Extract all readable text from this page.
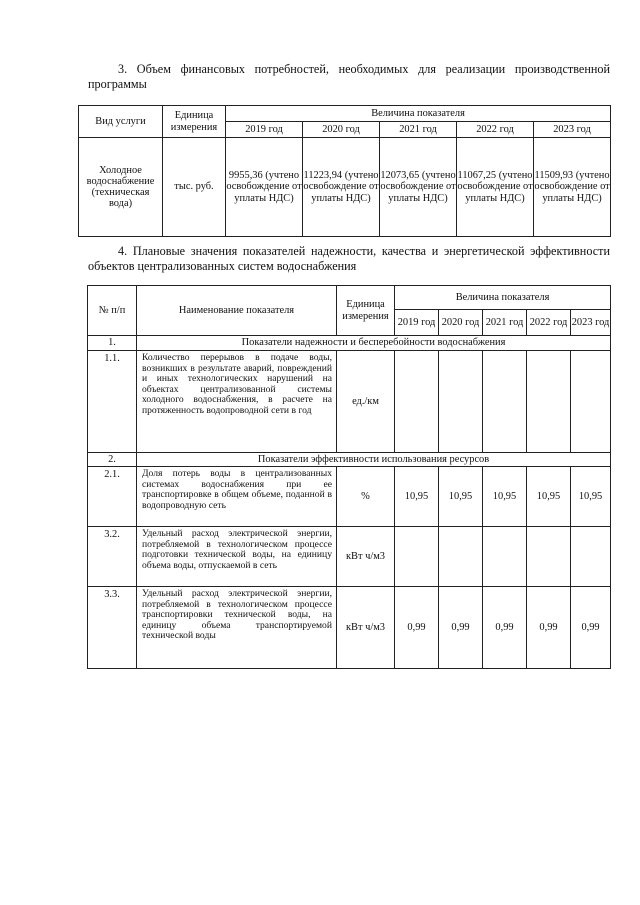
3. Объем финансовых потребностей, необходимых для реализации производственной программы
Вид услуги	Единица измерения	Величина показателя				
		2019 год	2020 год	2021 год	2022 год	2023 год
Холодное водоснабжение (техническая вода)	тыс. руб.	9955,36 (учтено освобождение от уплаты НДС)	11223,94 (учтено освобождение от уплаты НДС)	12073,65 (учтено освобождение от уплаты НДС)	11067,25 (учтено освобождение от уплаты НДС)	11509,93 (учтено освобождение от уплаты НДС)
4. Плановые значения показателей надежности, качества и энергетической эффективности объектов централизованных систем водоснабжения
№ п/п	Наименование показателя	Единица измерения	Величина показателя				
			2019 год	2020 год	2021 год	2022 год	2023 год
1.	Показатели надежности и бесперебойности водоснабжения						
1.1.	Количество перерывов в подаче воды, возникших в результате аварий, повреждений и иных технологических нарушений на объектах централизованной системы холодного водоснабжения, в расчете на протяженность водопроводной сети в год	ед./км					
2.	Показатели эффективности использования ресурсов						
2.1.	Доля потерь воды в централизованных системах водоснабжения при ее транспортировке в общем объеме, поданной в водопроводную сеть	%	10,95	10,95	10,95	10,95	10,95
3.2.	Удельный расход электрической энергии, потребляемой в технологическом процессе подготовки технической воды, на единицу объема воды, отпускаемой в сеть	кВт ч/м3					
3.3.	Удельный расход электрической энергии, потребляемой в технологическом процессе транспортировки технической воды, на единицу объема транспортируемой технической воды	кВт ч/м3	0,99	0,99	0,99	0,99	0,99
